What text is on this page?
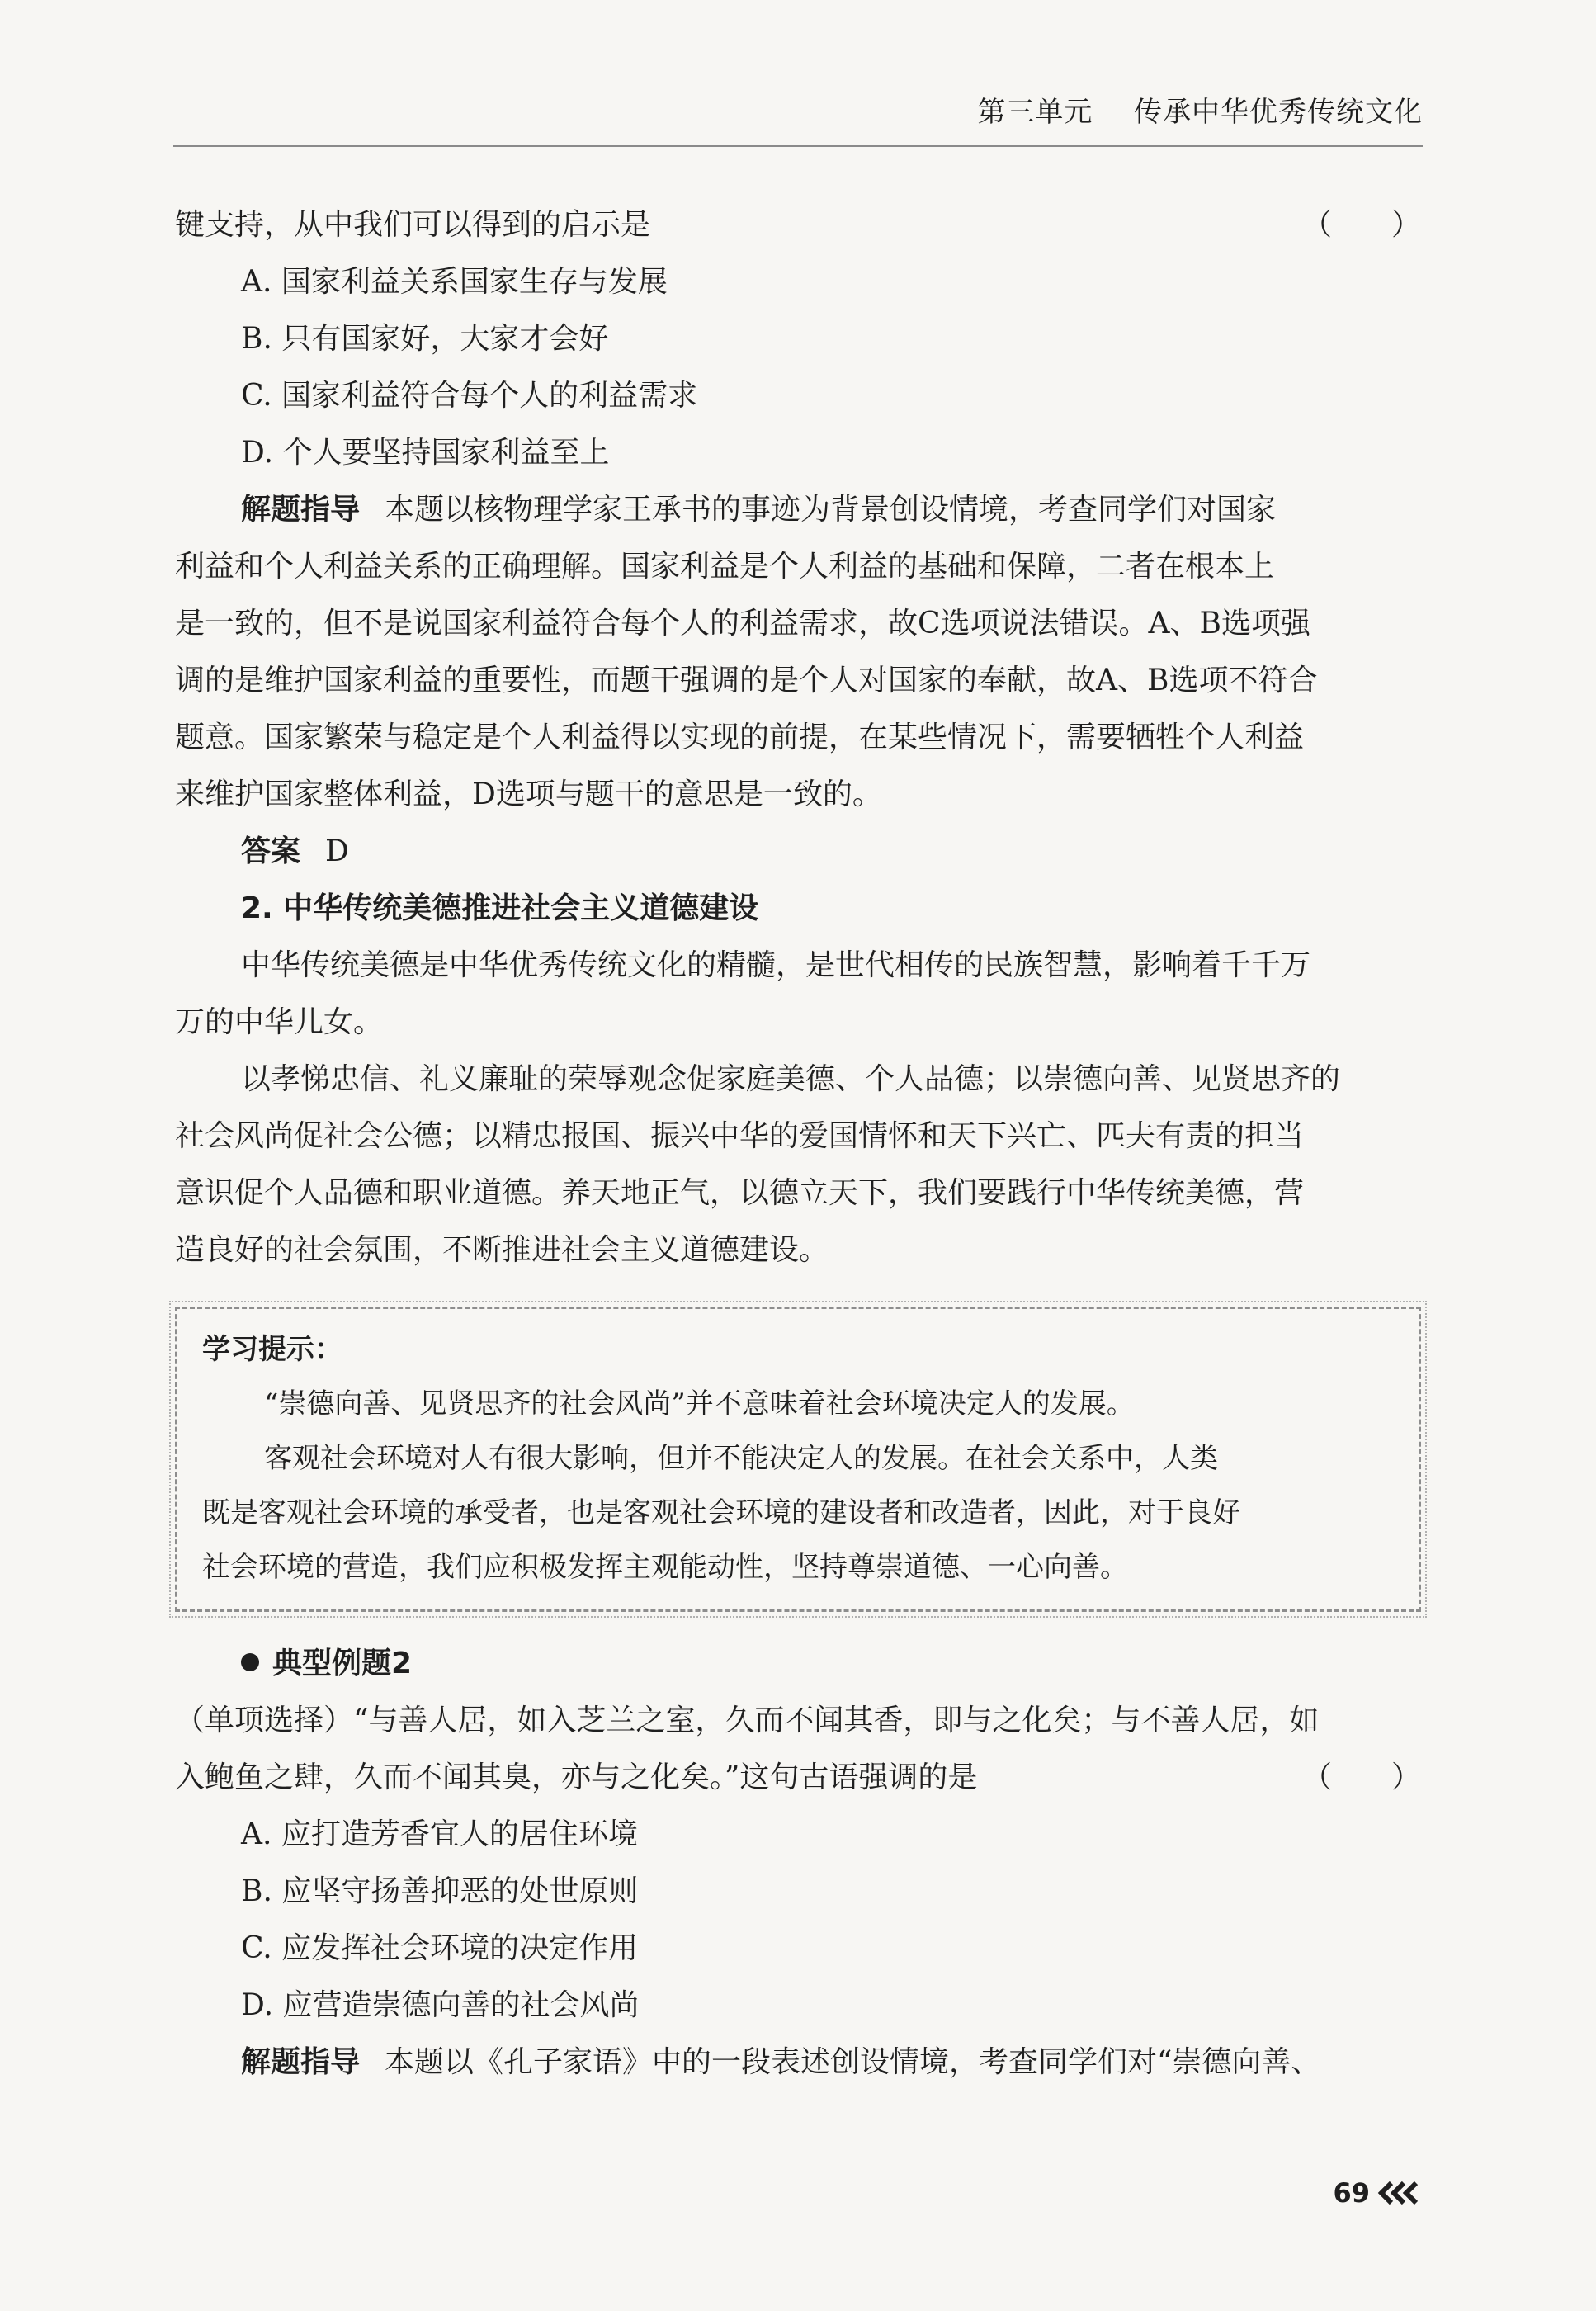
第三单元 传承中华优秀传统文化
键支持，从中我们可以得到的启示是	（　　）
A. 国家利益关系国家生存与发展
B. 只有国家好，大家才会好
C. 国家利益符合每个人的利益需求
D. 个人要坚持国家利益至上
解题指导 本题以核物理学家王承书的事迹为背景创设情境，考查同学们对国家
利益和个人利益关系的正确理解。国家利益是个人利益的基础和保障，二者在根本上
是一致的，但不是说国家利益符合每个人的利益需求，故C选项说法错误。A、B选项强
调的是维护国家利益的重要性，而题干强调的是个人对国家的奉献，故A、B选项不符合
题意。国家繁荣与稳定是个人利益得以实现的前提，在某些情况下，需要牺牲个人利益
来维护国家整体利益，D选项与题干的意思是一致的。
答案 D
2. 中华传统美德推进社会主义道德建设
中华传统美德是中华优秀传统文化的精髓，是世代相传的民族智慧，影响着千千万
万的中华儿女。
以孝悌忠信、礼义廉耻的荣辱观念促家庭美德、个人品德；以崇德向善、见贤思齐的
社会风尚促社会公德；以精忠报国、振兴中华的爱国情怀和天下兴亡、匹夫有责的担当
意识促个人品德和职业道德。养天地正气，以德立天下，我们要践行中华传统美德，营
造良好的社会氛围，不断推进社会主义道德建设。
学习提示：
“崇德向善、见贤思齐的社会风尚”并不意味着社会环境决定人的发展。
客观社会环境对人有很大影响，但并不能决定人的发展。在社会关系中，人类
既是客观社会环境的承受者，也是客观社会环境的建设者和改造者，因此，对于良好
社会环境的营造，我们应积极发挥主观能动性，坚持尊崇道德、一心向善。
典型例题2
（单项选择）“与善人居，如入芝兰之室，久而不闻其香，即与之化矣；与不善人居，如
入鲍鱼之肆，久而不闻其臭，亦与之化矣。”这句古语强调的是	（　　）
A. 应打造芳香宜人的居住环境
B. 应坚守扬善抑恶的处世原则
C. 应发挥社会环境的决定作用
D. 应营造崇德向善的社会风尚
解题指导 本题以《孔子家语》中的一段表述创设情境，考查同学们对“崇德向善、
69
